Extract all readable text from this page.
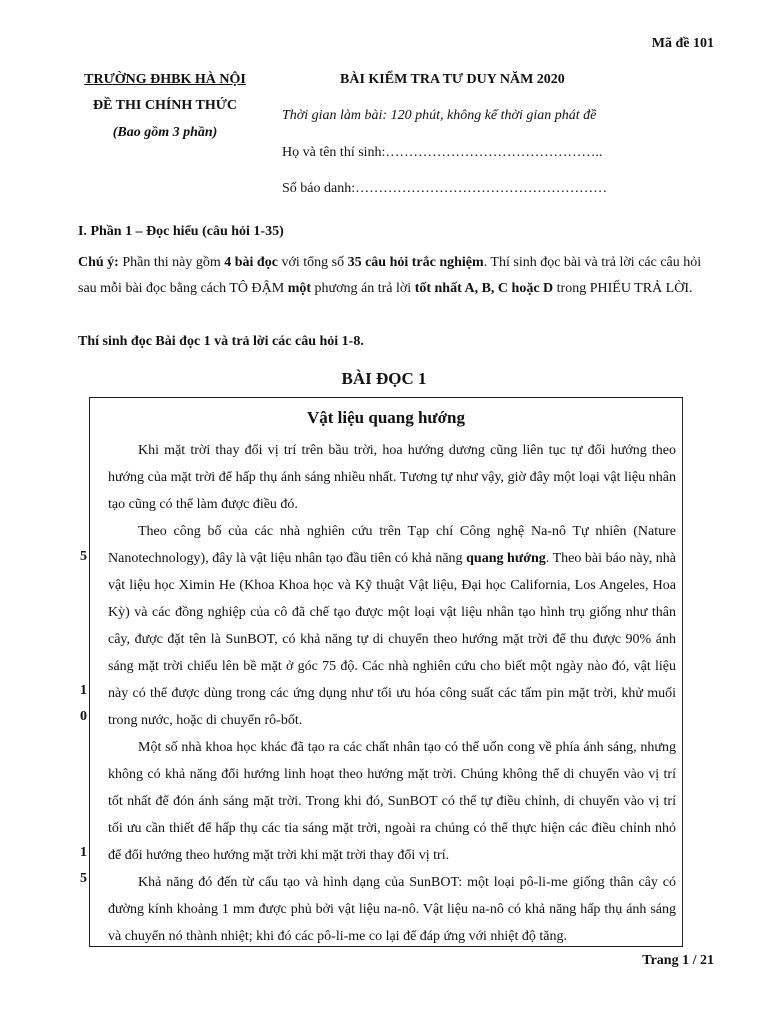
Mã đề 101
TRƯỜNG ĐHBK HÀ NỘI
ĐỀ THI CHÍNH THỨC
(Bao gồm 3 phần)
BÀI KIỂM TRA TƯ DUY NĂM 2020
Thời gian làm bài: 120 phút, không kể thời gian phát đề
Họ và tên thí sinh:………………………………………..
Số báo danh:………………………………………………
I. Phần 1 – Đọc hiểu (câu hỏi 1-35)
Chú ý: Phần thi này gồm 4 bài đọc với tổng số 35 câu hỏi trắc nghiệm. Thí sinh đọc bài và trả lời các câu hỏi sau mỗi bài đọc bằng cách TÔ ĐẬM một phương án trả lời tốt nhất A, B, C hoặc D trong PHIẾU TRẢ LỜI.
Thí sinh đọc Bài đọc 1 và trả lời các câu hỏi 1-8.
BÀI ĐỌC 1
Vật liệu quang hướng

Khi mặt trời thay đổi vị trí trên bầu trời, hoa hướng dương cũng liên tục tự đổi hướng theo hướng của mặt trời để hấp thụ ánh sáng nhiều nhất. Tương tự như vậy, giờ đây một loại vật liệu nhân tạo cũng có thể làm được điều đó.

Theo công bố của các nhà nghiên cứu trên Tạp chí Công nghệ Na-nô Tự nhiên (Nature Nanotechnology), đây là vật liệu nhân tạo đầu tiên có khả năng quang hướng. Theo bài báo này, nhà vật liệu học Ximin He (Khoa Khoa học và Kỹ thuật Vật liệu, Đại học California, Los Angeles, Hoa Kỳ) và các đồng nghiệp của cô đã chế tạo được một loại vật liệu nhân tạo hình trụ giống như thân cây, được đặt tên là SunBOT, có khả năng tự di chuyển theo hướng mặt trời để thu được 90% ánh sáng mặt trời chiếu lên bề mặt ở góc 75 độ. Các nhà nghiên cứu cho biết một ngày nào đó, vật liệu này có thể được dùng trong các ứng dụng như tối ưu hóa công suất các tấm pin mặt trời, khử muối trong nước, hoặc di chuyển rô-bốt.

Một số nhà khoa học khác đã tạo ra các chất nhân tạo có thể uốn cong về phía ánh sáng, nhưng không có khả năng đổi hướng linh hoạt theo hướng mặt trời. Chúng không thể di chuyển vào vị trí tốt nhất để đón ánh sáng mặt trời. Trong khi đó, SunBOT có thể tự điều chỉnh, di chuyển vào vị trí tối ưu cần thiết để hấp thụ các tia sáng mặt trời, ngoài ra chúng có thể thực hiện các điều chỉnh nhỏ để đổi hướng theo hướng mặt trời khi mặt trời thay đổi vị trí.

Khả năng đó đến từ cấu tạo và hình dạng của SunBOT: một loại pô-li-me giống thân cây có đường kính khoảng 1 mm được phủ bởi vật liệu na-nô. Vật liệu na-nô có khả năng hấp thụ ánh sáng và chuyển nó thành nhiệt; khi đó các pô-li-me co lại để đáp ứng với nhiệt độ tăng.

5
1
0
1
5
Trang 1 / 21
